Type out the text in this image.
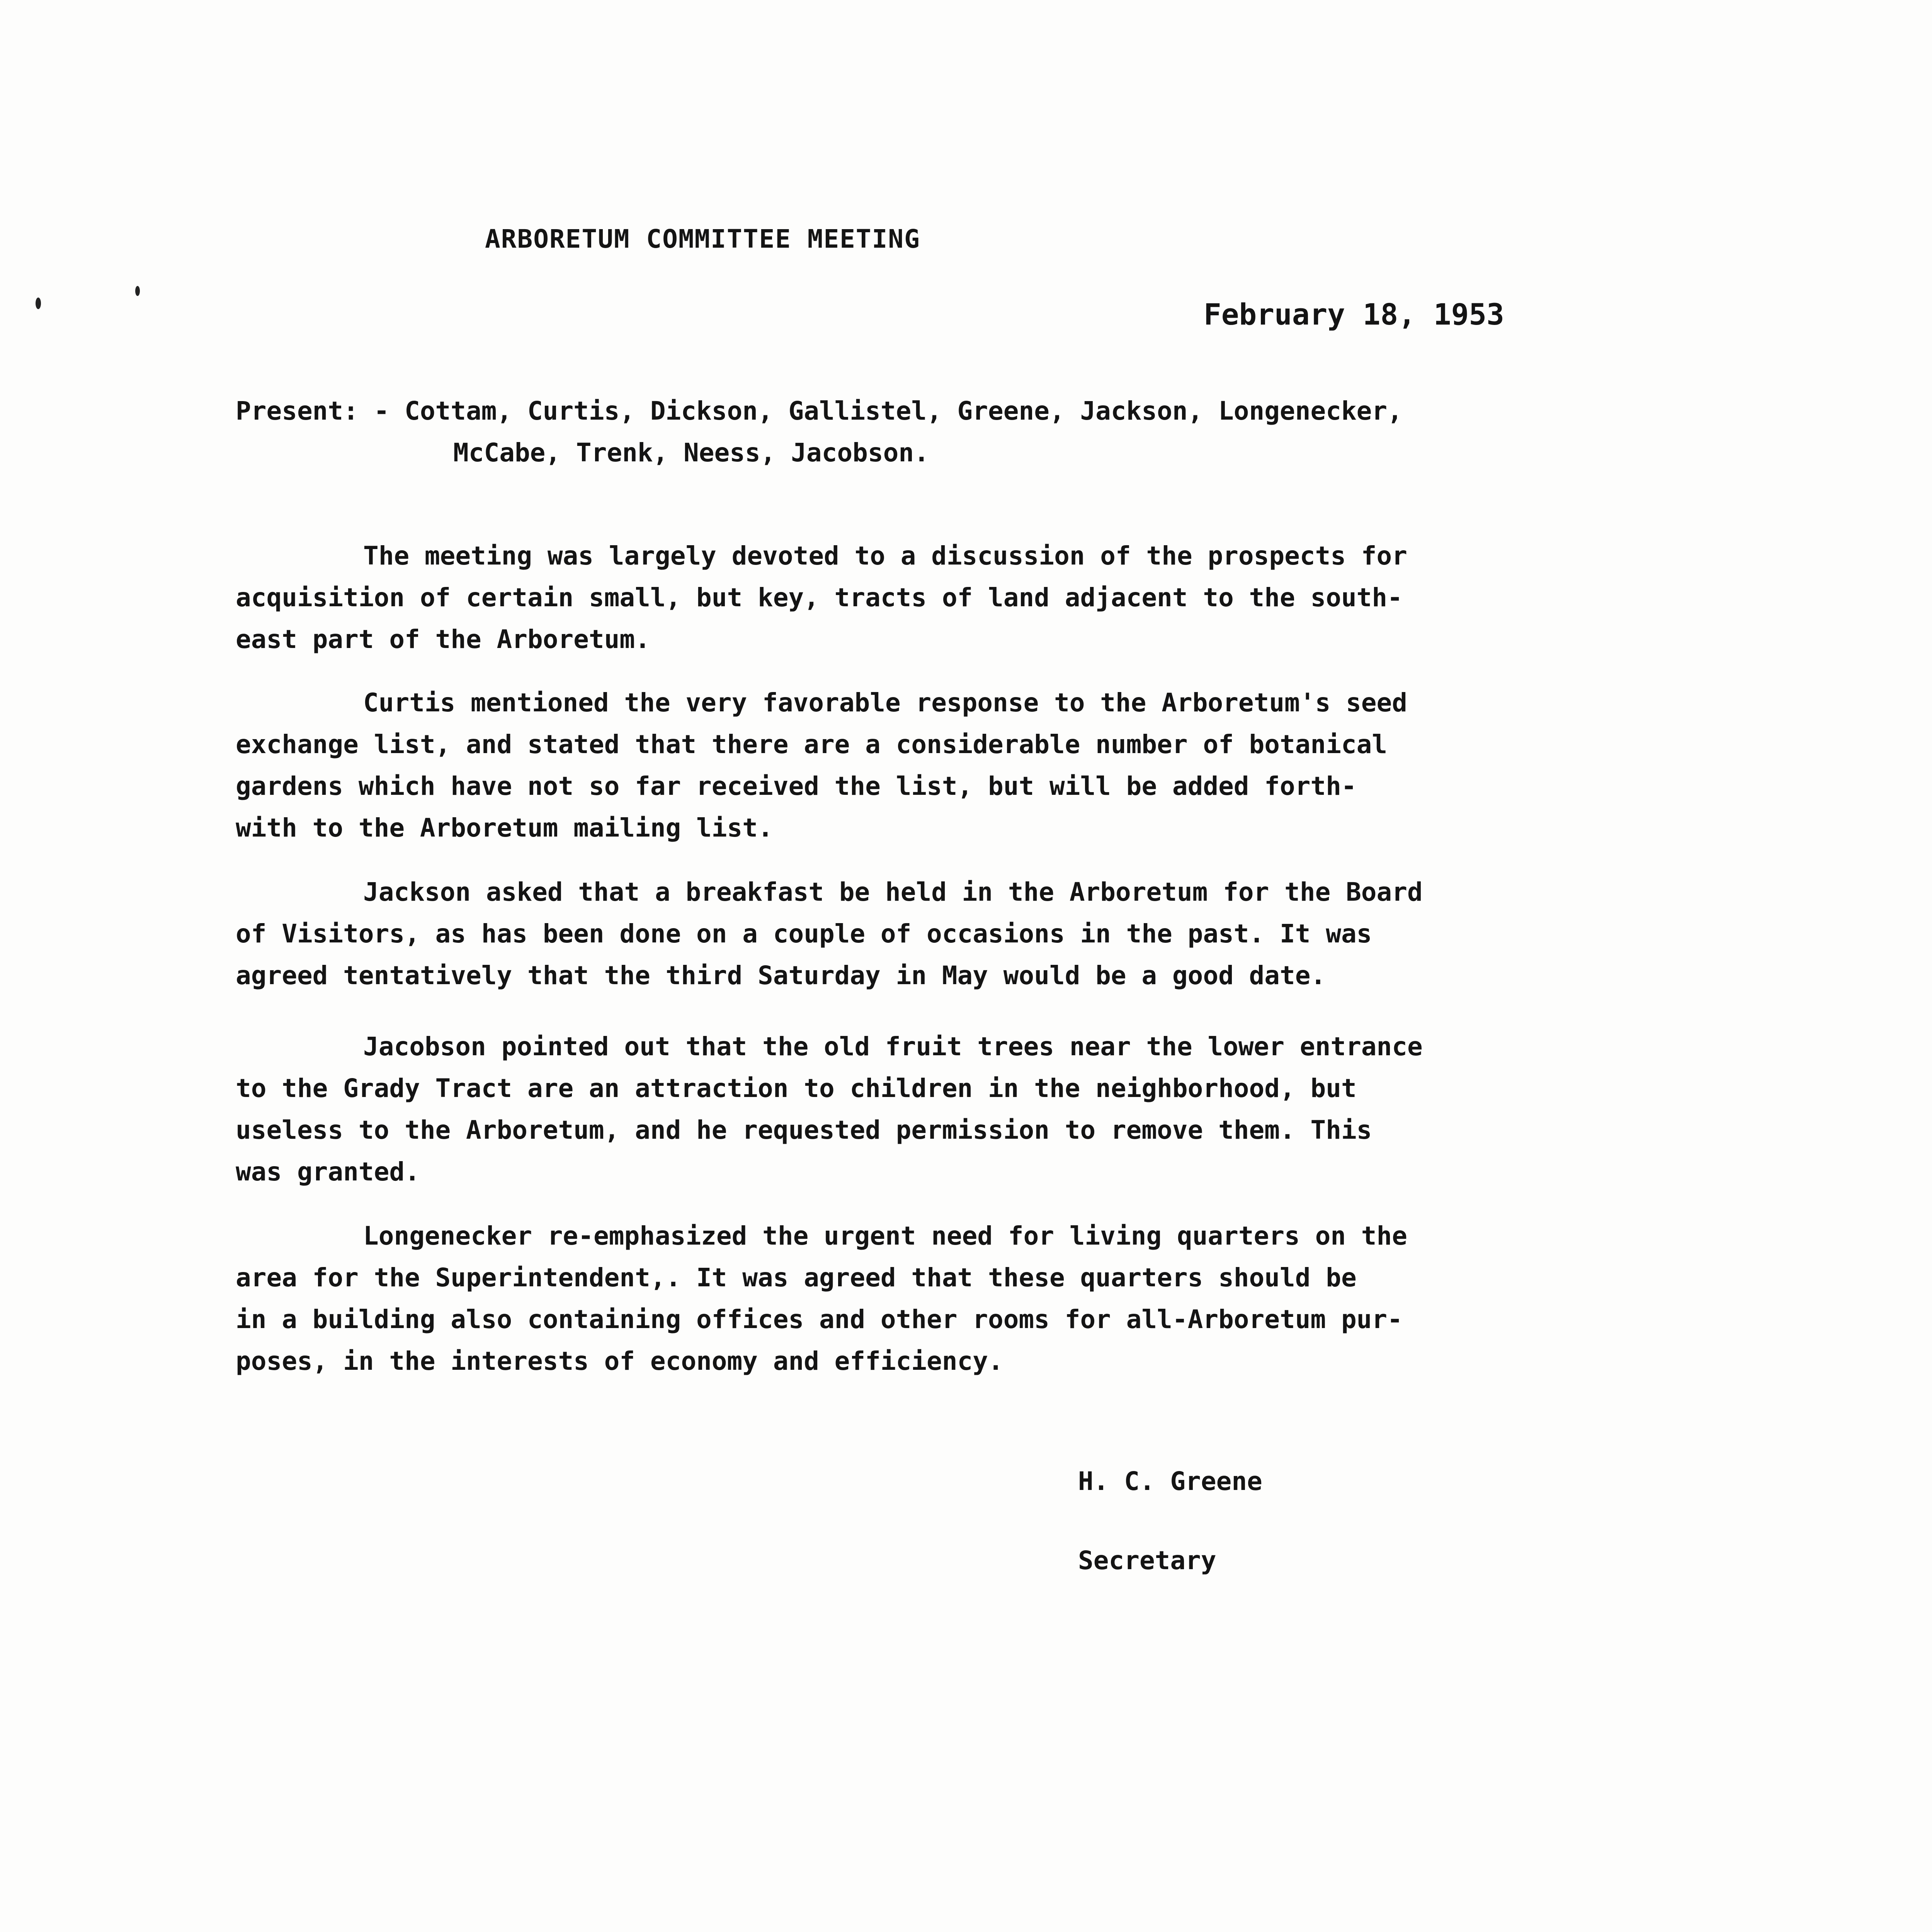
ARBORETUM COMMITTEE MEETING
February 18, 1953
Present: - Cottam, Curtis, Dickson, Gallistel, Greene, Jackson, Longenecker,
McCabe, Trenk, Neess, Jacobson.

The meeting was largely devoted to a discussion of the prospects for
acquisition of certain small, but key, tracts of land adjacent to the south-
east part of the Arboretum.

Curtis mentioned the very favorable response to the Arboretum's seed
exchange list, and stated that there are a considerable number of botanical
gardens which have not so far received the list, but will be added forth-
with to the Arboretum mailing list.

Jackson asked that a breakfast be held in the Arboretum for the Board
of Visitors, as has been done on a couple of occasions in the past. It was
agreed tentatively that the third Saturday in May would be a good date.

Jacobson pointed out that the old fruit trees near the lower entrance
to the Grady Tract are an attraction to children in the neighborhood, but
useless to the Arboretum, and he requested permission to remove them. This
was granted.

Longenecker re-emphasized the urgent need for living quarters on the
area for the Superintendent,. It was agreed that these quarters should be
in a building also containing offices and other rooms for all-Arboretum pur-
poses, in the interests of economy and efficiency.

H. C. Greene
Secretary
